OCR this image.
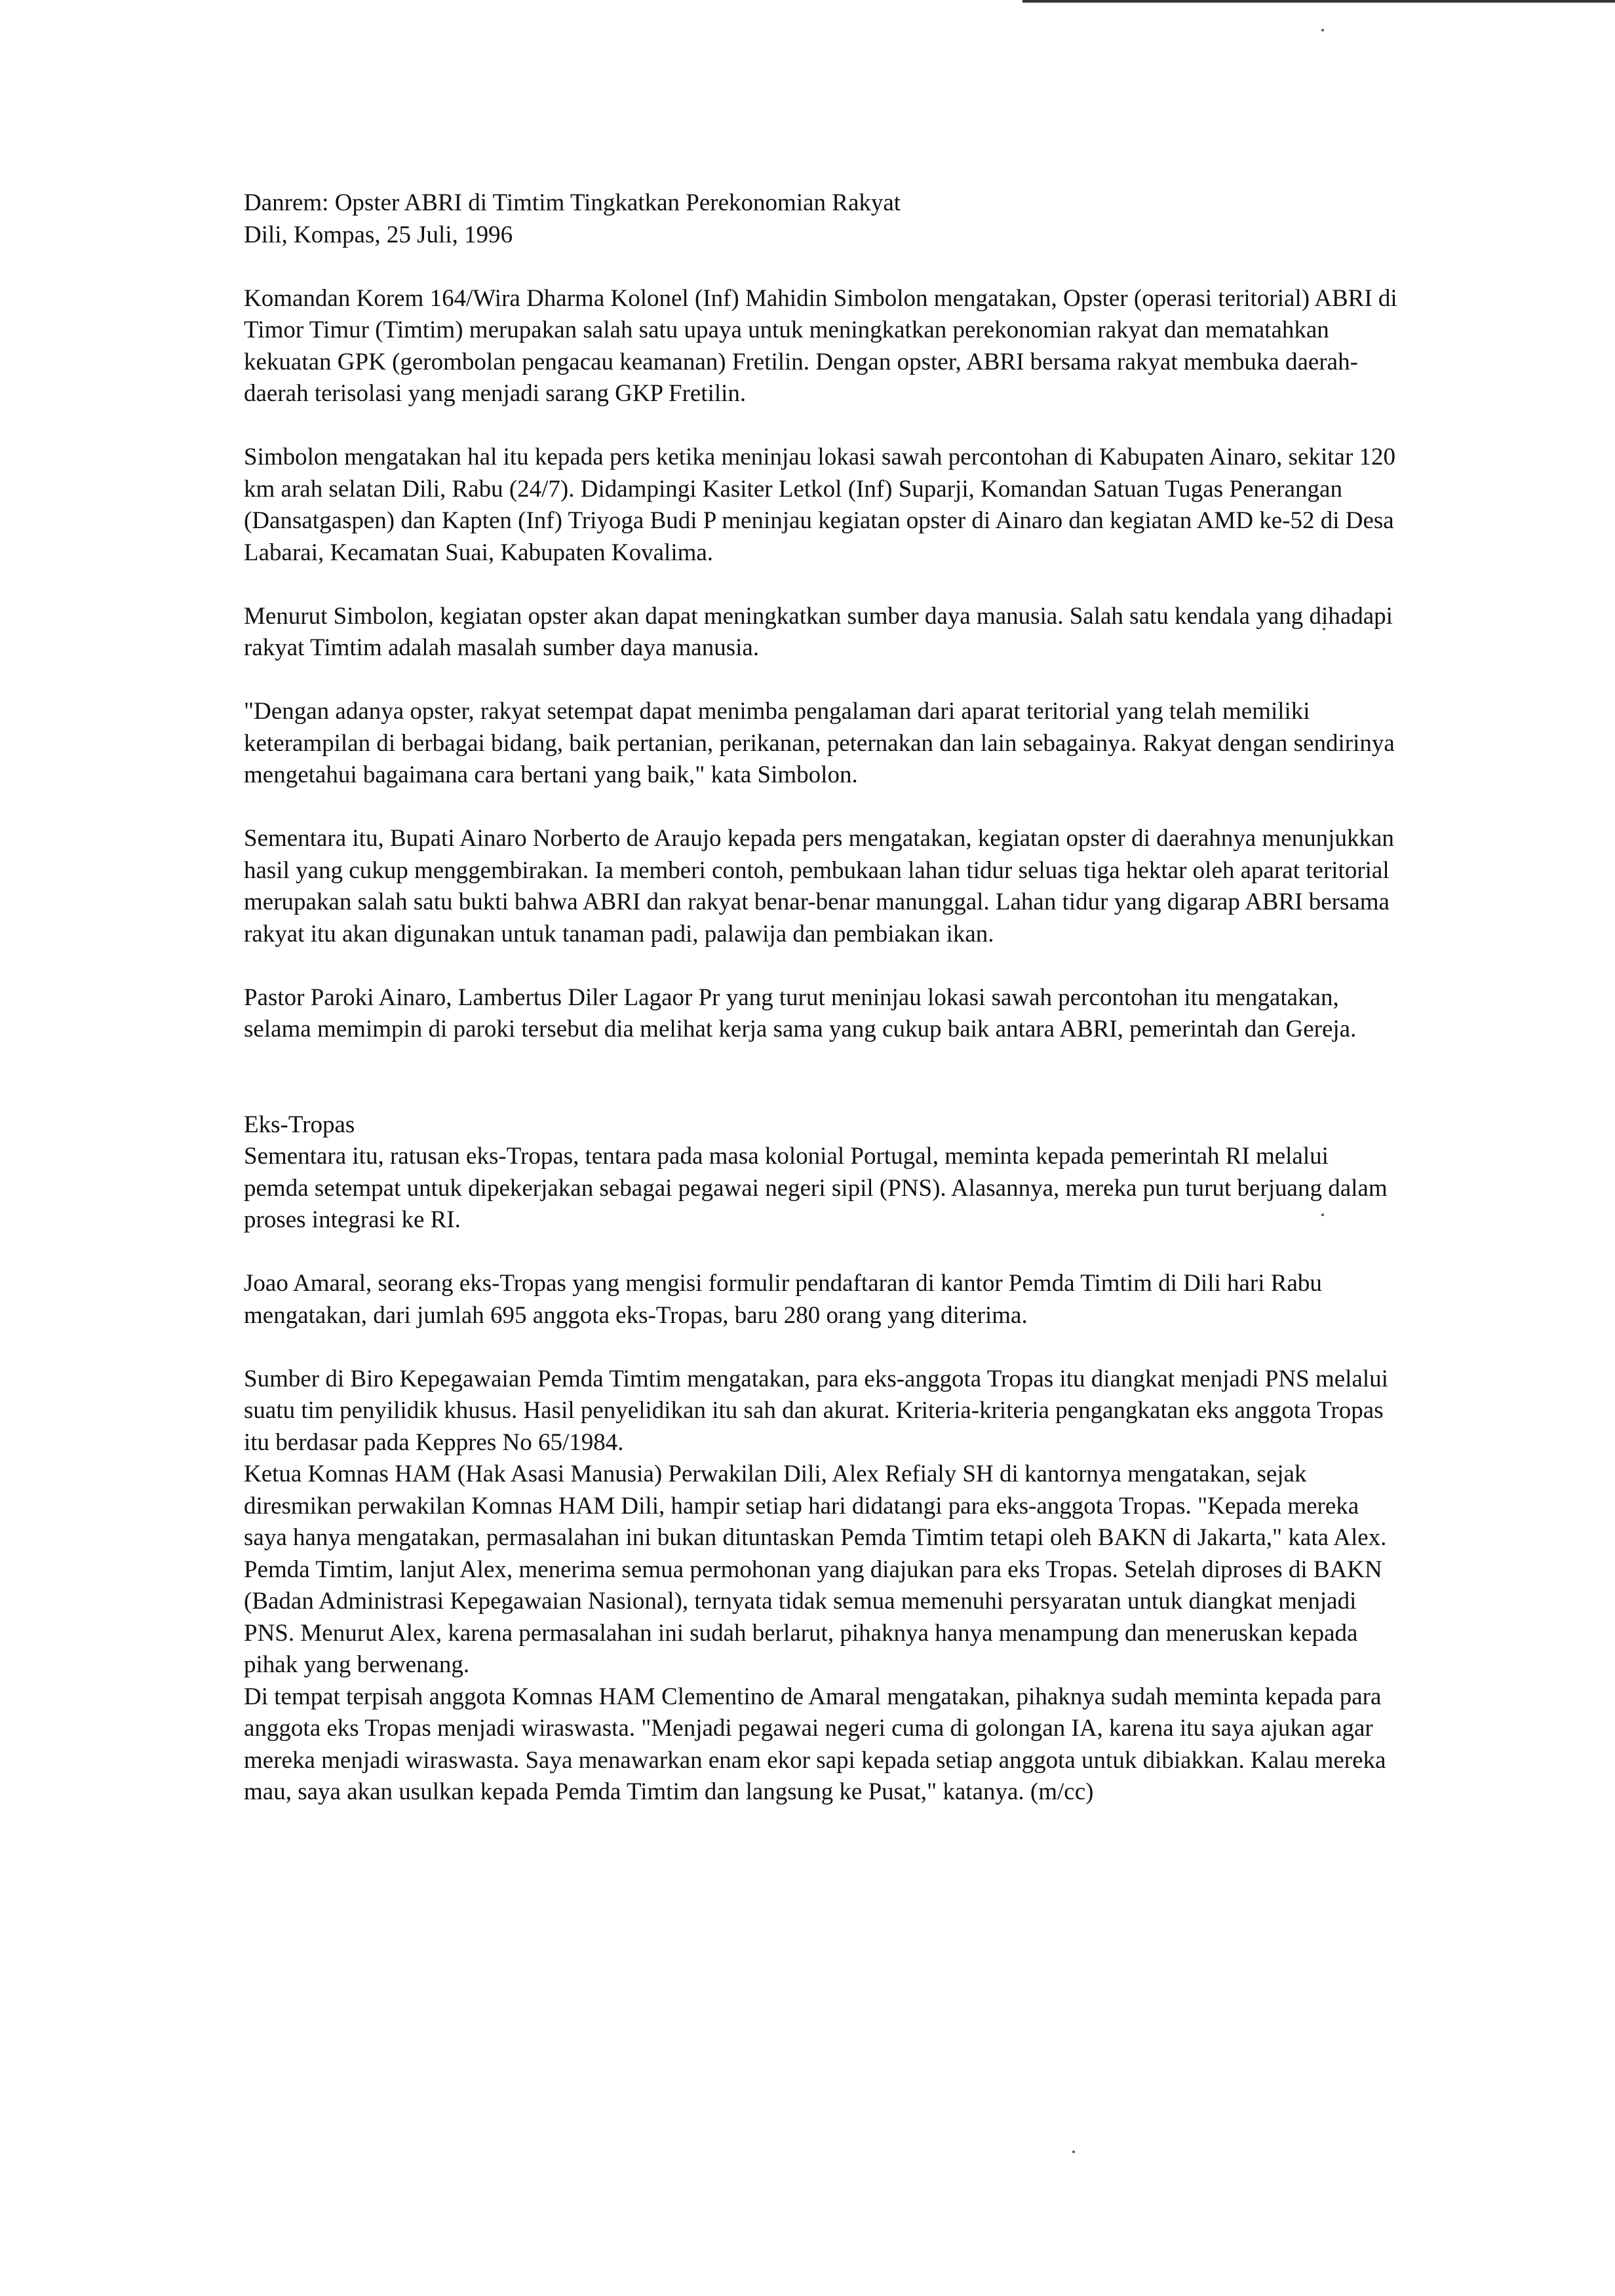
Danrem: Opster ABRI di Timtim Tingkatkan Perekonomian Rakyat
Dili, Kompas, 25 Juli, 1996

Komandan Korem 164/Wira Dharma Kolonel (Inf) Mahidin Simbolon mengatakan, Opster (operasi teritorial) ABRI di Timor Timur (Timtim) merupakan salah satu upaya untuk meningkatkan perekonomian rakyat dan mematahkan kekuatan GPK (gerombolan pengacau keamanan) Fretilin. Dengan opster, ABRI bersama rakyat membuka daerah-daerah terisolasi yang menjadi sarang GKP Fretilin.

Simbolon mengatakan hal itu kepada pers ketika meninjau lokasi sawah percontohan di Kabupaten Ainaro, sekitar 120 km arah selatan Dili, Rabu (24/7). Didampingi Kasiter Letkol (Inf) Suparji, Komandan Satuan Tugas Penerangan (Dansatgaspen) dan Kapten (Inf) Triyoga Budi P meninjau kegiatan opster di Ainaro dan kegiatan AMD ke-52 di Desa Labarai, Kecamatan Suai, Kabupaten Kovalima.

Menurut Simbolon, kegiatan opster akan dapat meningkatkan sumber daya manusia. Salah satu kendala yang dihadapi rakyat Timtim adalah masalah sumber daya manusia.

"Dengan adanya opster, rakyat setempat dapat menimba pengalaman dari aparat teritorial yang telah memiliki keterampilan di berbagai bidang, baik pertanian, perikanan, peternakan dan lain sebagainya. Rakyat dengan sendirinya mengetahui bagaimana cara bertani yang baik," kata Simbolon.

Sementara itu, Bupati Ainaro Norberto de Araujo kepada pers mengatakan, kegiatan opster di daerahnya menunjukkan hasil yang cukup menggembirakan. Ia memberi contoh, pembukaan lahan tidur seluas tiga hektar oleh aparat teritorial merupakan salah satu bukti bahwa ABRI dan rakyat benar-benar manunggal. Lahan tidur yang digarap ABRI bersama rakyat itu akan digunakan untuk tanaman padi, palawija dan pembiakan ikan.

Pastor Paroki Ainaro, Lambertus Diler Lagaor Pr yang turut meninjau lokasi sawah percontohan itu mengatakan, selama memimpin di paroki tersebut dia melihat kerja sama yang cukup baik antara ABRI, pemerintah dan Gereja.

Eks-Tropas

Sementara itu, ratusan eks-Tropas, tentara pada masa kolonial Portugal, meminta kepada pemerintah RI melalui pemda setempat untuk dipekerjakan sebagai pegawai negeri sipil (PNS). Alasannya, mereka pun turut berjuang dalam proses integrasi ke RI.

Joao Amaral, seorang eks-Tropas yang mengisi formulir pendaftaran di kantor Pemda Timtim di Dili hari Rabu mengatakan, dari jumlah 695 anggota eks-Tropas, baru 280 orang yang diterima.

Sumber di Biro Kepegawaian Pemda Timtim mengatakan, para eks-anggota Tropas itu diangkat menjadi PNS melalui suatu tim penyilidik khusus. Hasil penyelidikan itu sah dan akurat. Kriteria-kriteria pengangkatan eks anggota Tropas itu berdasar pada Keppres No 65/1984.

Ketua Komnas HAM (Hak Asasi Manusia) Perwakilan Dili, Alex Refialy SH di kantornya mengatakan, sejak diresmikan perwakilan Komnas HAM Dili, hampir setiap hari didatangi para eks-anggota Tropas. "Kepada mereka saya hanya mengatakan, permasalahan ini bukan dituntaskan Pemda Timtim tetapi oleh BAKN di Jakarta," kata Alex.

Pemda Timtim, lanjut Alex, menerima semua permohonan yang diajukan para eks Tropas. Setelah diproses di BAKN (Badan Administrasi Kepegawaian Nasional), ternyata tidak semua memenuhi persyaratan untuk diangkat menjadi PNS. Menurut Alex, karena permasalahan ini sudah berlarut, pihaknya hanya menampung dan meneruskan kepada pihak yang berwenang.

Di tempat terpisah anggota Komnas HAM Clementino de Amaral mengatakan, pihaknya sudah meminta kepada para anggota eks Tropas menjadi wiraswasta. "Menjadi pegawai negeri cuma di golongan IA, karena itu saya ajukan agar mereka menjadi wiraswasta. Saya menawarkan enam ekor sapi kepada setiap anggota untuk dibiakkan. Kalau mereka mau, saya akan usulkan kepada Pemda Timtim dan langsung ke Pusat," katanya. (m/cc)
